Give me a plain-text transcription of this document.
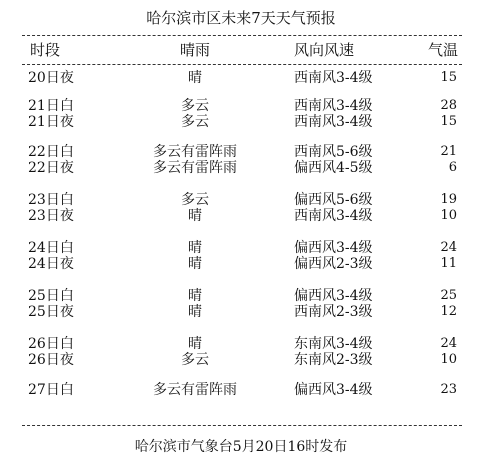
哈尔滨市区未来7天天气预报
时段	晴雨	风向风速	气温
20日夜	晴	西南风3-4级	15
21日白	多云	西南风3-4级	28
21日夜	多云	西南风3-4级	15
22日白	多云有雷阵雨	西南风5-6级	21
22日夜	多云有雷阵雨	偏西风4-5级	6
23日白	多云	偏西风5-6级	19
23日夜	晴	西南风3-4级	10
24日白	晴	偏西风3-4级	24
24日夜	晴	偏西风2-3级	11
25日白	晴	偏西风3-4级	25
25日夜	晴	西南风2-3级	12
26日白	晴	东南风3-4级	24
26日夜	多云	东南风2-3级	10
27日白	多云有雷阵雨	偏西风3-4级	23
哈尔滨市气象台5月20日16时发布
